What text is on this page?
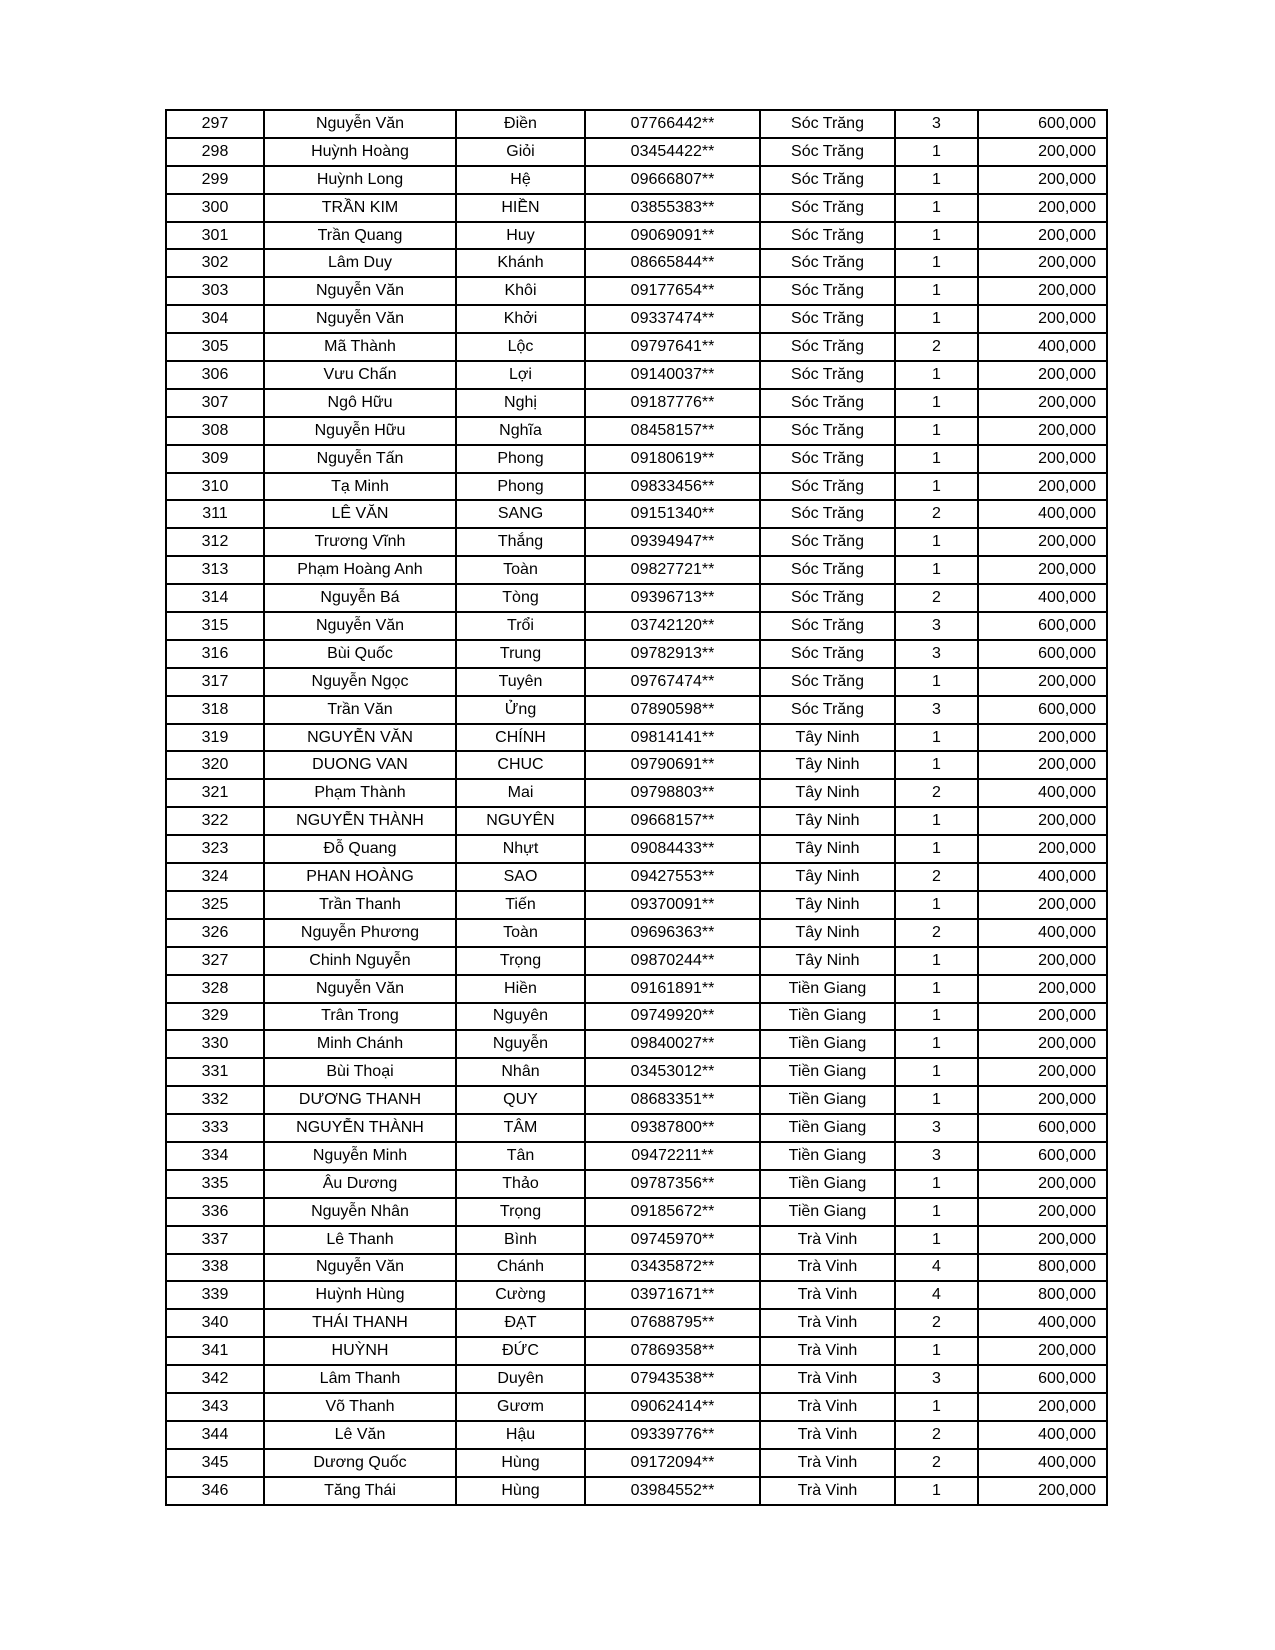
297	Nguyễn Văn	Điền	07766442**	Sóc Trăng	3	600,000
298	Huỳnh Hoàng	Giỏi	03454422**	Sóc Trăng	1	200,000
299	Huỳnh Long	Hệ	09666807**	Sóc Trăng	1	200,000
300	TRẦN KIM	HIỀN	03855383**	Sóc Trăng	1	200,000
301	Trần Quang	Huy	09069091**	Sóc Trăng	1	200,000
302	Lâm Duy	Khánh	08665844**	Sóc Trăng	1	200,000
303	Nguyễn Văn	Khôi	09177654**	Sóc Trăng	1	200,000
304	Nguyễn Văn	Khởi	09337474**	Sóc Trăng	1	200,000
305	Mã Thành	Lộc	09797641**	Sóc Trăng	2	400,000
306	Vưu Chấn	Lợi	09140037**	Sóc Trăng	1	200,000
307	Ngô Hữu	Nghị	09187776**	Sóc Trăng	1	200,000
308	Nguyễn Hữu	Nghĩa	08458157**	Sóc Trăng	1	200,000
309	Nguyễn Tấn	Phong	09180619**	Sóc Trăng	1	200,000
310	Tạ Minh	Phong	09833456**	Sóc Trăng	1	200,000
311	LÊ VĂN	SANG	09151340**	Sóc Trăng	2	400,000
312	Trương Vĩnh	Thắng	09394947**	Sóc Trăng	1	200,000
313	Phạm Hoàng Anh	Toàn	09827721**	Sóc Trăng	1	200,000
314	Nguyễn Bá	Tòng	09396713**	Sóc Trăng	2	400,000
315	Nguyễn Văn	Trổi	03742120**	Sóc Trăng	3	600,000
316	Bùi Quốc	Trung	09782913**	Sóc Trăng	3	600,000
317	Nguyễn Ngọc	Tuyên	09767474**	Sóc Trăng	1	200,000
318	Trần Văn	Ửng	07890598**	Sóc Trăng	3	600,000
319	NGUYỄN VĂN	CHÍNH	09814141**	Tây Ninh	1	200,000
320	DUONG VAN	CHUC	09790691**	Tây Ninh	1	200,000
321	Phạm Thành	Mai	09798803**	Tây Ninh	2	400,000
322	NGUYỄN THÀNH	NGUYÊN	09668157**	Tây Ninh	1	200,000
323	Đỗ Quang	Nhựt	09084433**	Tây Ninh	1	200,000
324	PHAN HOÀNG	SAO	09427553**	Tây Ninh	2	400,000
325	Trần Thanh	Tiến	09370091**	Tây Ninh	1	200,000
326	Nguyễn Phương	Toàn	09696363**	Tây Ninh	2	400,000
327	Chinh Nguyễn	Trọng	09870244**	Tây Ninh	1	200,000
328	Nguyễn Văn	Hiền	09161891**	Tiền Giang	1	200,000
329	Trân Trong	Nguyên	09749920**	Tiền Giang	1	200,000
330	Minh Chánh	Nguyễn	09840027**	Tiền Giang	1	200,000
331	Bùi Thoại	Nhân	03453012**	Tiền Giang	1	200,000
332	DƯƠNG THANH	QUY	08683351**	Tiền Giang	1	200,000
333	NGUYỄN THÀNH	TÂM	09387800**	Tiền Giang	3	600,000
334	Nguyễn Minh	Tân	09472211**	Tiền Giang	3	600,000
335	Âu Dương	Thảo	09787356**	Tiền Giang	1	200,000
336	Nguyễn Nhân	Trọng	09185672**	Tiền Giang	1	200,000
337	Lê Thanh	Bình	09745970**	Trà Vinh	1	200,000
338	Nguyễn Văn	Chánh	03435872**	Trà Vinh	4	800,000
339	Huỳnh Hùng	Cường	03971671**	Trà Vinh	4	800,000
340	THÁI THANH	ĐẠT	07688795**	Trà Vinh	2	400,000
341	HUỲNH	ĐỨC	07869358**	Trà Vinh	1	200,000
342	Lâm Thanh	Duyên	07943538**	Trà Vinh	3	600,000
343	Võ Thanh	Gươm	09062414**	Trà Vinh	1	200,000
344	Lê Văn	Hậu	09339776**	Trà Vinh	2	400,000
345	Dương Quốc	Hùng	09172094**	Trà Vinh	2	400,000
346	Tăng Thái	Hùng	03984552**	Trà Vinh	1	200,000
